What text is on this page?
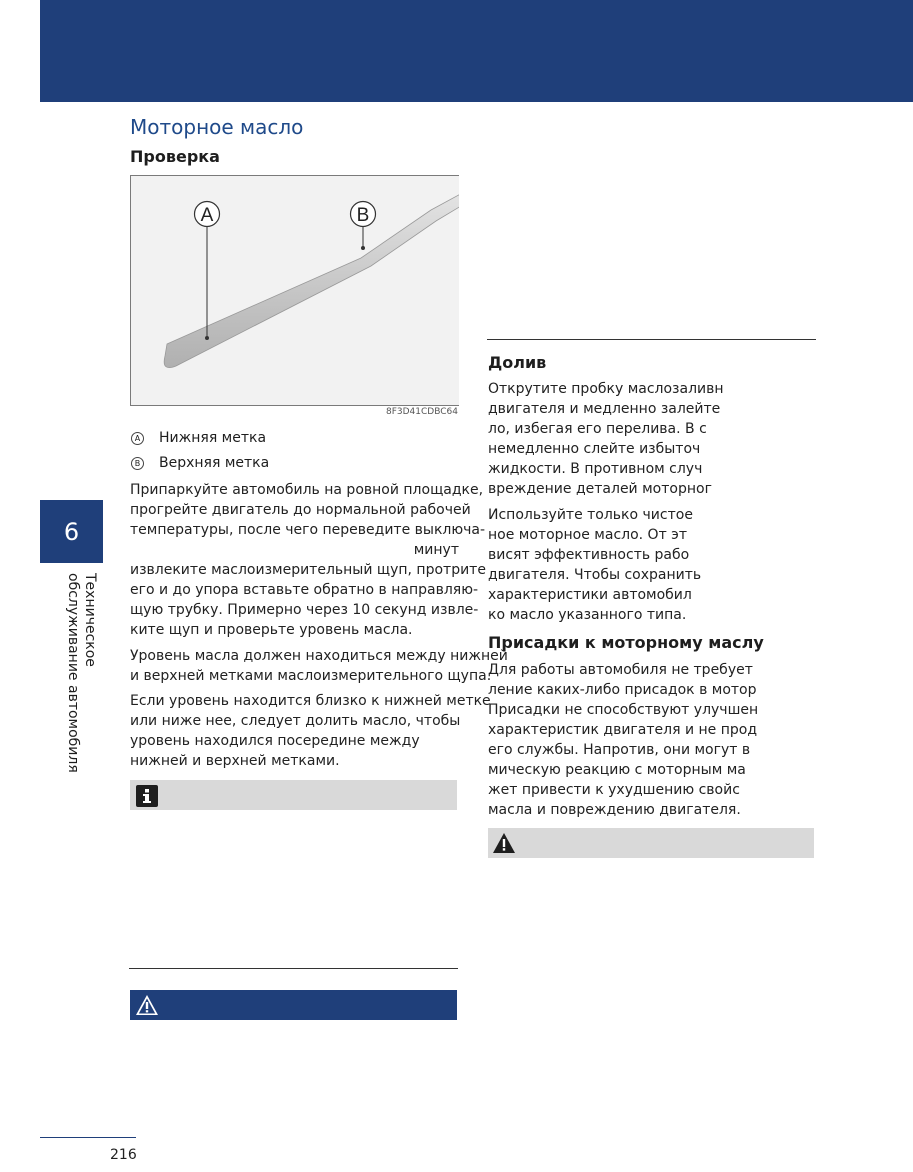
6
Техническое
обслуживание автомобиля
Моторное масло
Проверка
A	B
8F3D41CDBC64
A Нижняя метка
B Верхняя метка
Припаркуйте автомобиль на ровной площадке,
прогрейте двигатель до нормальной рабочей
температуры, после чего переведите выключа-
минут
извлеките маслоизмерительный щуп, протрите
его и до упора вставьте обратно в направляю-
щую трубку. Примерно через 10 секунд извле-
ките щуп и проверьте уровень масла.
Уровень масла должен находиться между нижней
и верхней метками маслоизмерительного щупа.
Если уровень находится близко к нижней метке
или ниже нее, следует долить масло, чтобы
уровень находился посередине между
нижней и верхней метками.
Долив
Открутите пробку маслозаливн
двигателя и медленно залейте
ло, избегая его перелива. В с
немедленно слейте избыточ
жидкости. В противном случ
вреждение деталей моторног
Используйте только чистое
ное моторное масло. От эт
висят эффективность рабо
двигателя. Чтобы сохранить
характеристики автомобил
ко масло указанного типа.
Присадки к моторному маслу
Для работы автомобиля не требует
ление каких-либо присадок в мотор
Присадки не способствуют улучшен
характеристик двигателя и не прод
его службы. Напротив, они могут в
мическую реакцию с моторным ма
жет привести к ухудшению свойс
масла и повреждению двигателя.
216
